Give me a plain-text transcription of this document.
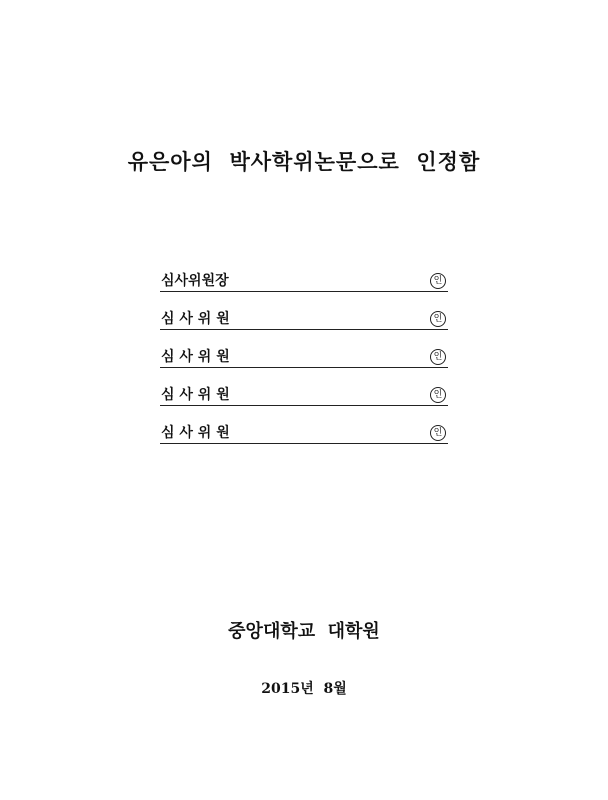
유은아의  박사학위논문으로  인정함
심사위원장	인
심 사 위 원	인
심 사 위 원	인
심 사 위 원	인
심 사 위 원	인
중앙대학교  대학원
2015년  8월
